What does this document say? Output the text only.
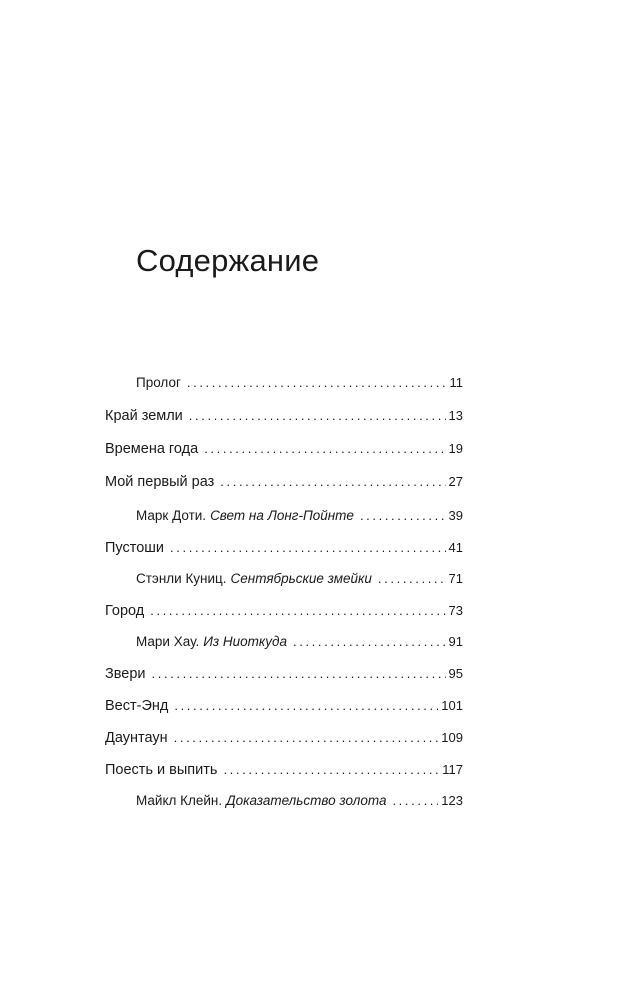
Содержание
Пролог . . .	11
Край земли . . .	13
Времена года . . .	19
Мой первый раз . . .	27
Марк Доти. Свет на Лонг-Пойнте . . .	39
Пустоши . . .	41
Стэнли Куниц. Сентябрьские змейки . . .	71
Город . . .	73
Мари Хау. Из Ниоткуда . . .	91
Звери . . .	95
Вест-Энд . . .	101
Даунтаун . . .	109
Поесть и выпить . . .	117
Майкл Клейн. Доказательство золота . . .	123
